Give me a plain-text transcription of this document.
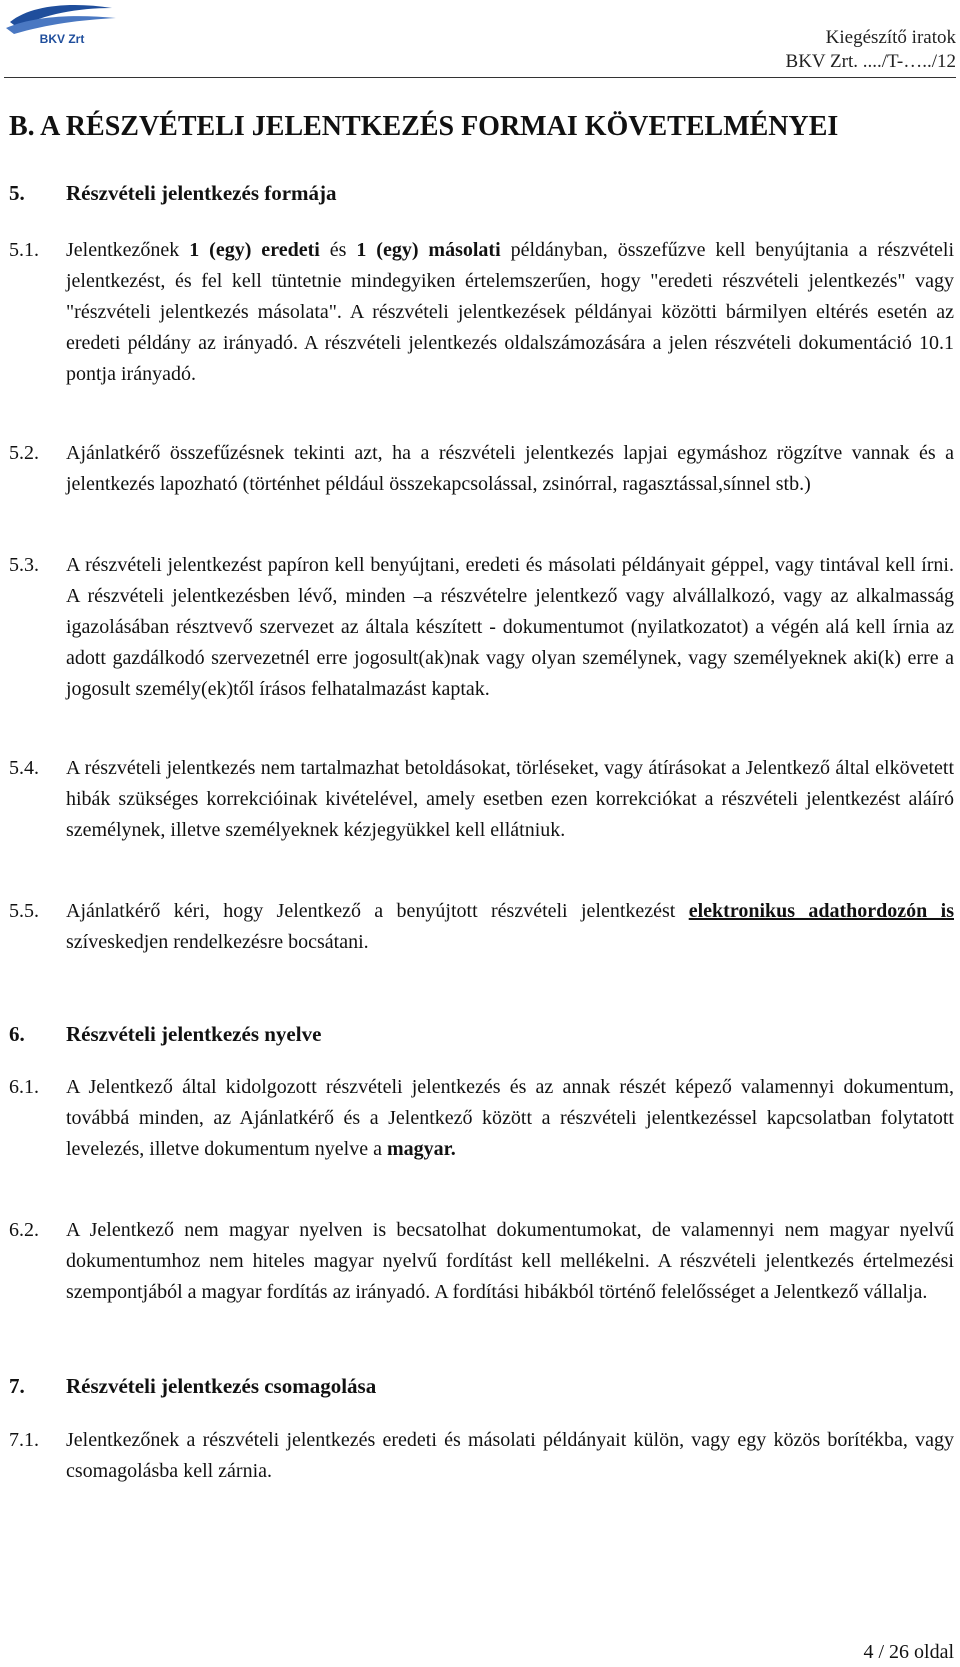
BKV Zrt	Kiegészítő iratok
BKV Zrt. ..../T-…../12
B. A RÉSZVÉTELI JELENTKEZÉS FORMAI KÖVETELMÉNYEI
5. Részvételi jelentkezés formája
5.1. Jelentkezőnek 1 (egy) eredeti és 1 (egy) másolati példányban, összefűzve kell benyújtania a részvételi jelentkezést, és fel kell tüntetnie mindegyiken értelemszerűen, hogy "eredeti részvételi jelentkezés" vagy "részvételi jelentkezés másolata". A részvételi jelentkezések példányai közötti bármilyen eltérés esetén az eredeti példány az irányadó. A részvételi jelentkezés oldalszámozására a jelen részvételi dokumentáció 10.1 pontja irányadó.
5.2. Ajánlatkérő összefűzésnek tekinti azt, ha a részvételi jelentkezés lapjai egymáshoz rögzítve vannak és a jelentkezés lapozható (történhet például összekapcsolással, zsinórral, ragasztással,sínnel stb.)
5.3. A részvételi jelentkezést papíron kell benyújtani, eredeti és másolati példányait géppel, vagy tintával kell írni. A részvételi jelentkezésben lévő, minden –a részvételre jelentkező vagy alvállalkozó, vagy az alkalmasság igazolásában résztvevő szervezet az általa készített - dokumentumot (nyilatkozatot) a végén alá kell írnia az adott gazdálkodó szervezetnél erre jogosult(ak)nak vagy olyan személynek, vagy személyeknek aki(k) erre a jogosult személy(ek)től írásos felhatalmazást kaptak.
5.4. A részvételi jelentkezés nem tartalmazhat betoldásokat, törléseket, vagy átírásokat a Jelentkező által elkövetett hibák szükséges korrekcióinak kivételével, amely esetben ezen korrekciókat a részvételi jelentkezést aláíró személynek, illetve személyeknek kézjegyükkel kell ellátniuk.
5.5. Ajánlatkérő kéri, hogy Jelentkező a benyújtott részvételi jelentkezést elektronikus adathordozón is szíveskedjen rendelkezésre bocsátani.
6. Részvételi jelentkezés nyelve
6.1. A Jelentkező által kidolgozott részvételi jelentkezés és az annak részét képező valamennyi dokumentum, továbbá minden, az Ajánlatkérő és a Jelentkező között a részvételi jelentkezéssel kapcsolatban folytatott levelezés, illetve dokumentum nyelve a magyar.
6.2. A Jelentkező nem magyar nyelven is becsatolhat dokumentumokat, de valamennyi nem magyar nyelvű dokumentumhoz nem hiteles magyar nyelvű fordítást kell mellékelni. A részvételi jelentkezés értelmezési szempontjából a magyar fordítás az irányadó. A fordítási hibákból történő felelősséget a Jelentkező vállalja.
7. Részvételi jelentkezés csomagolása
7.1. Jelentkezőnek a részvételi jelentkezés eredeti és másolati példányait külön, vagy egy közös borítékba, vagy csomagolásba kell zárnia.
4 / 26 oldal
